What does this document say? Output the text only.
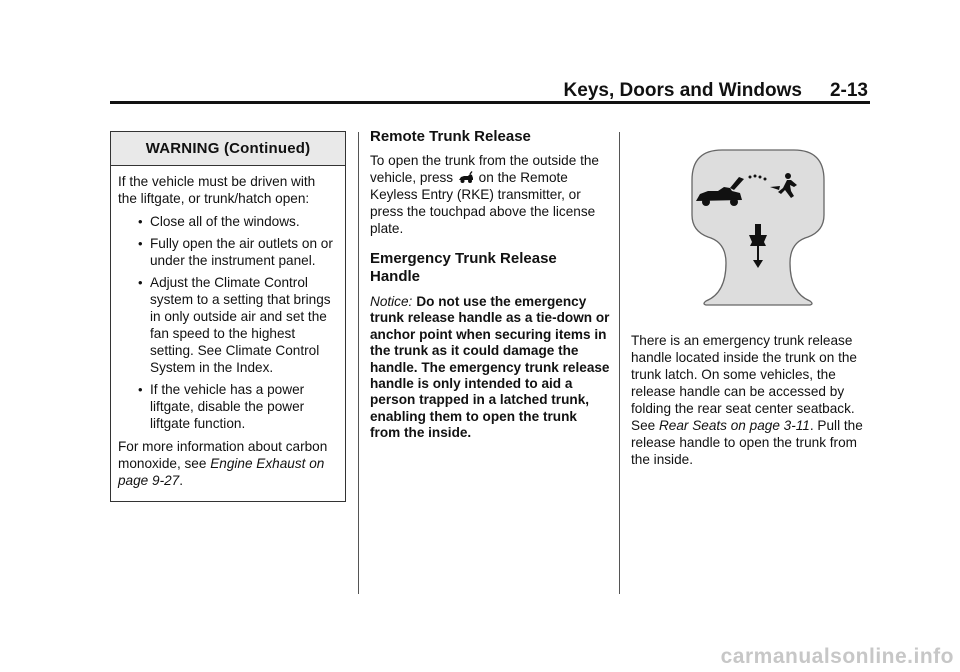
Keys, Doors and Windows 2-13
WARNING (Continued)

If the vehicle must be driven with the liftgate, or trunk/hatch open:

• Close all of the windows.
• Fully open the air outlets on or under the instrument panel.
• Adjust the Climate Control system to a setting that brings in only outside air and set the fan speed to the highest setting. See Climate Control System in the Index.
• If the vehicle has a power liftgate, disable the power liftgate function.

For more information about carbon monoxide, see Engine Exhaust on page 9-27.

Remote Trunk Release

To open the trunk from the outside the vehicle, press  on the Remote Keyless Entry (RKE) transmitter, or press the touchpad above the license plate.

Emergency Trunk Release Handle

Notice: Do not use the emergency trunk release handle as a tie-down or anchor point when securing items in the trunk as it could damage the handle. The emergency trunk release handle is only intended to aid a person trapped in a latched trunk, enabling them to open the trunk from the inside.

There is an emergency trunk release handle located inside the trunk on the trunk latch. On some vehicles, the release handle can be accessed by folding the rear seat center seatback. See Rear Seats on page 3-11. Pull the release handle to open the trunk from the inside.

carmanualsonline.info
